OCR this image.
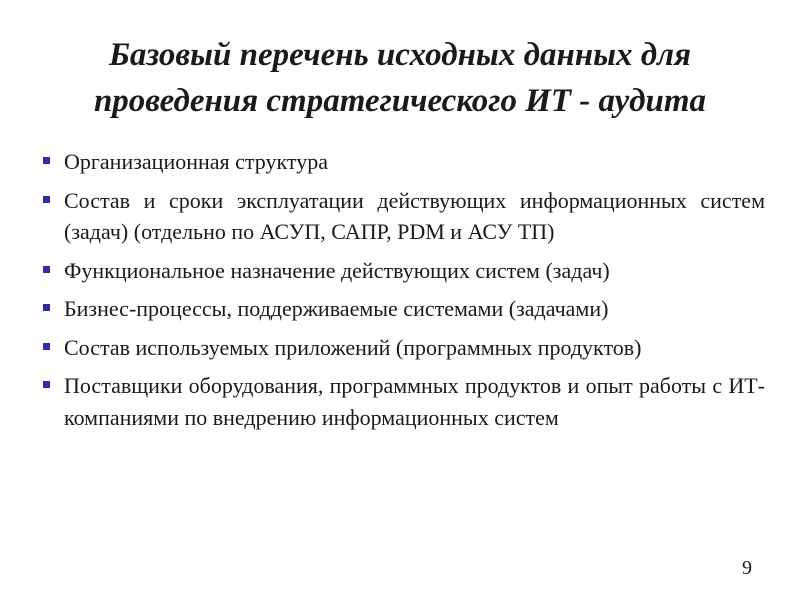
Базовый перечень исходных данных для
проведения стратегического ИТ - аудита
Организационная структура
Состав и сроки эксплуатации действующих информационных систем (задач) (отдельно по АСУП, САПР, PDM и АСУ ТП)
Функциональное назначение действующих систем (задач)
Бизнес-процессы, поддерживаемые системами (задачами)
Состав используемых приложений (программных продуктов)
Поставщики оборудования, программных продуктов и опыт работы с ИТ-компаниями по внедрению информационных систем
9
